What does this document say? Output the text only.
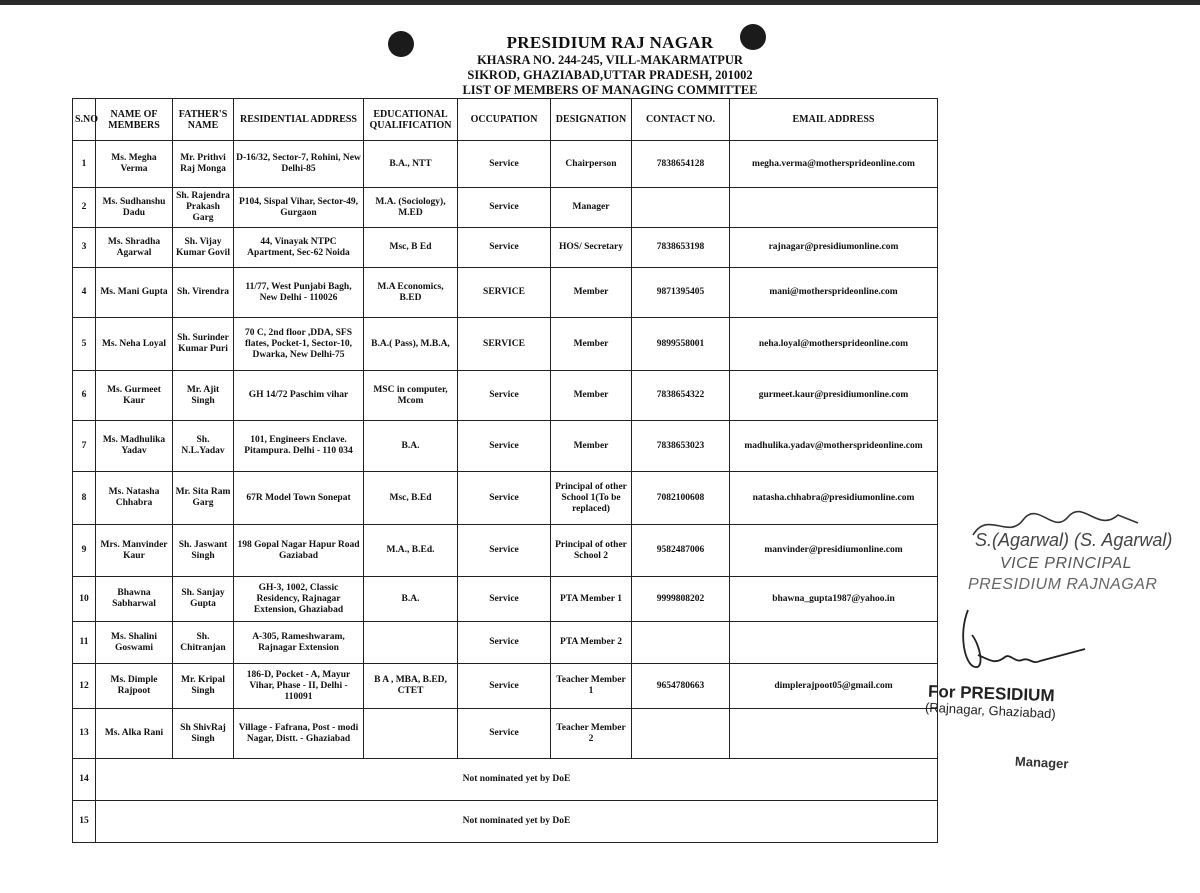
PRESIDIUM RAJ NAGAR
KHASRA NO. 244-245, VILL-MAKARMATPUR
SIKROD, GHAZIABAD,UTTAR PRADESH, 201002
LIST OF MEMBERS OF MANAGING COMMITTEE
S.NO	NAME OF MEMBERS	FATHER'S NAME	RESIDENTIAL ADDRESS	EDUCATIONAL QUALIFICATION	OCCUPATION	DESIGNATION	CONTACT NO.	EMAIL ADDRESS
1	Ms. Megha Verma	Mr. Prithvi Raj Monga	D-16/32, Sector-7, Rohini, New Delhi-85	B.A., NTT	Service	Chairperson	7838654128	megha.verma@mothersprideonline.com
2	Ms. Sudhanshu Dadu	Sh. Rajendra Prakash Garg	P104, Sispal Vihar, Sector-49, Gurgaon	M.A. (Sociology), M.ED	Service	Manager		
3	Ms. Shradha Agarwal	Sh. Vijay Kumar Govil	44, Vinayak NTPC Apartment, Sec-62 Noida	Msc, B Ed	Service	HOS/ Secretary	7838653198	rajnagar@presidiumonline.com
4	Ms. Mani Gupta	Sh. Virendra	11/77, West Punjabi Bagh, New Delhi - 110026	M.A Economics, B.ED	SERVICE	Member	9871395405	mani@mothersprideonline.com
5	Ms. Neha Loyal	Sh. Surinder Kumar Puri	70 C, 2nd floor ,DDA, SFS flates, Pocket-1, Sector-10, Dwarka, New Delhi-75	B.A.( Pass), M.B.A,	SERVICE	Member	9899558001	neha.loyal@mothersprideonline.com
6	Ms. Gurmeet Kaur	Mr. Ajit Singh	GH 14/72 Paschim vihar	MSC in computer, Mcom	Service	Member	7838654322	gurmeet.kaur@presidiumonline.com
7	Ms. Madhulika Yadav	Sh. N.L.Yadav	101, Engineers Enclave. Pitampura. Delhi - 110 034	B.A.	Service	Member	7838653023	madhulika.yadav@mothersprideonline.com
8	Ms. Natasha Chhabra	Mr. Sita Ram Garg	67R Model Town Sonepat	Msc, B.Ed	Service	Principal of other School 1(To be replaced)	7082100608	natasha.chhabra@presidiumonline.com
9	Mrs. Manvinder Kaur	Sh. Jaswant Singh	198 Gopal Nagar Hapur Road Gaziabad	M.A., B.Ed.	Service	Principal of other School 2	9582487006	manvinder@presidiumonline.com
10	Bhawna Sabharwal	Sh. Sanjay Gupta	GH-3, 1002, Classic Residency, Rajnagar Extension, Ghaziabad	B.A.	Service	PTA Member 1	9999808202	bhawna_gupta1987@yahoo.in
11	Ms. Shalini Goswami	Sh. Chitranjan	A-305, Rameshwaram, Rajnagar Extension		Service	PTA Member 2		
12	Ms. Dimple Rajpoot	Mr. Kripal Singh	186-D, Pocket - A, Mayur Vihar, Phase - II, Delhi - 110091	B A , MBA, B.ED, CTET	Service	Teacher Member 1	9654780663	dimplerajpoot05@gmail.com
13	Ms. Alka Rani	Sh ShivRaj Singh	Village - Fafrana, Post - modi Nagar, Distt. - Ghaziabad		Service	Teacher Member 2		
14	Not nominated yet by DoE							
15	Not nominated yet by DoE							
S.(Agarwal) (S. Agarwal)
VICE PRINCIPAL
PRESIDIUM RAJNAGAR
For PRESIDIUM
(Rajnagar, Ghaziabad)
Manager
